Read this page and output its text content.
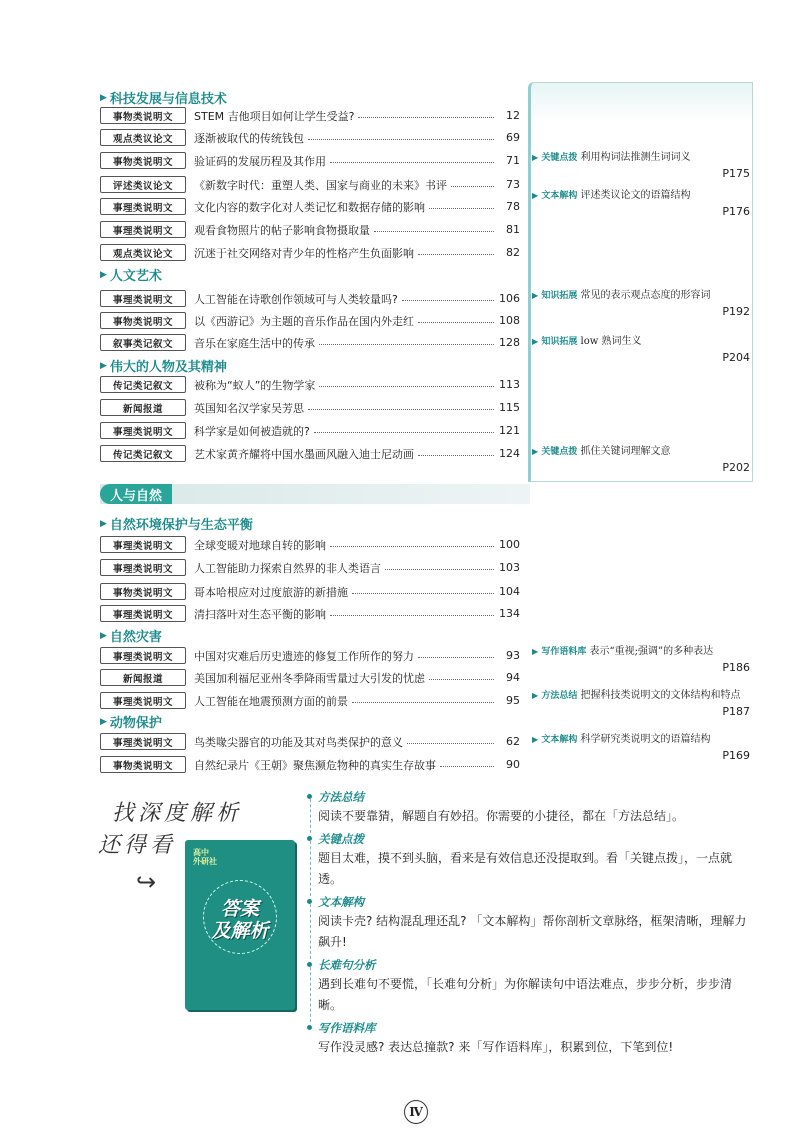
▶ 科技发展与信息技术
▶ 人文艺术
▶ 伟大的人物及其精神
▶ 自然环境保护与生态平衡
▶ 自然灾害
▶ 动物保护
人与自然
事物类说明文	STEM 吉他项目如何让学生受益?	12
观点类议论文	逐渐被取代的传统钱包	69
事物类说明文	验证码的发展历程及其作用	71
评述类议论文	《新数字时代：重塑人类、国家与商业的未来》书评	73
事理类说明文	文化内容的数字化对人类记忆和数据存储的影响	78
事理类说明文	观看食物照片的帖子影响食物摄取量	81
观点类议论文	沉迷于社交网络对青少年的性格产生负面影响	82
事理类说明文	人工智能在诗歌创作领域可与人类较量吗?	106
事物类说明文	以《西游记》为主题的音乐作品在国内外走红	108
叙事类记叙文	音乐在家庭生活中的传承	128
传记类记叙文	被称为“蚁人”的生物学家	113
新闻报道	英国知名汉学家吴芳思	115
事理类说明文	科学家是如何被造就的?	121
传记类记叙文	艺术家黄齐耀将中国水墨画风融入迪士尼动画	124
事理类说明文	全球变暖对地球自转的影响	100
事理类说明文	人工智能助力探索自然界的非人类语言	103
事物类说明文	哥本哈根应对过度旅游的新措施	104
事理类说明文	清扫落叶对生态平衡的影响	134
事理类说明文	中国对灾难后历史遗迹的修复工作所作的努力	93
新闻报道	美国加利福尼亚州冬季降雨雪量过大引发的忧虑	94
事理类说明文	人工智能在地震预测方面的前景	95
事理类说明文	鸟类喙尖器官的功能及其对鸟类保护的意义	62
事物类说明文	自然纪录片《王朝》聚焦濒危物种的真实生存故事	90
▶ 关键点拨 利用构词法推测生词词义
P175
▶ 文本解构 评述类议论文的语篇结构
P176
▶ 知识拓展 常见的表示观点态度的形容词
P192
▶ 知识拓展 low 熟词生义
P204
▶ 关键点拨 抓住关键词理解文意
P202
▶ 写作语料库 表示“重视;强调”的多种表达
P186
▶ 方法总结 把握科技类说明文的文体结构和特点
P187
▶ 文本解构 科学研究类说明文的语篇结构
P169
找深度解析
还得看
↪
高中
外研社
答案
及解析
方法总结
阅读不要靠猜，解题自有妙招。你需要的小捷径，都在「方法总结」。
关键点拨
题目太难，摸不到头脑，看来是有效信息还没提取到。看「关键点拨」，一点就透。
文本解构
阅读卡壳? 结构混乱理还乱? 「文本解构」帮你剖析文章脉络，框架清晰，理解力飙升!
长难句分析
遇到长难句不要慌，「长难句分析」为你解读句中语法难点，步步分析，步步清晰。
写作语料库
写作没灵感? 表达总撞款? 来「写作语料库」，积累到位，下笔到位!
Ⅳ
